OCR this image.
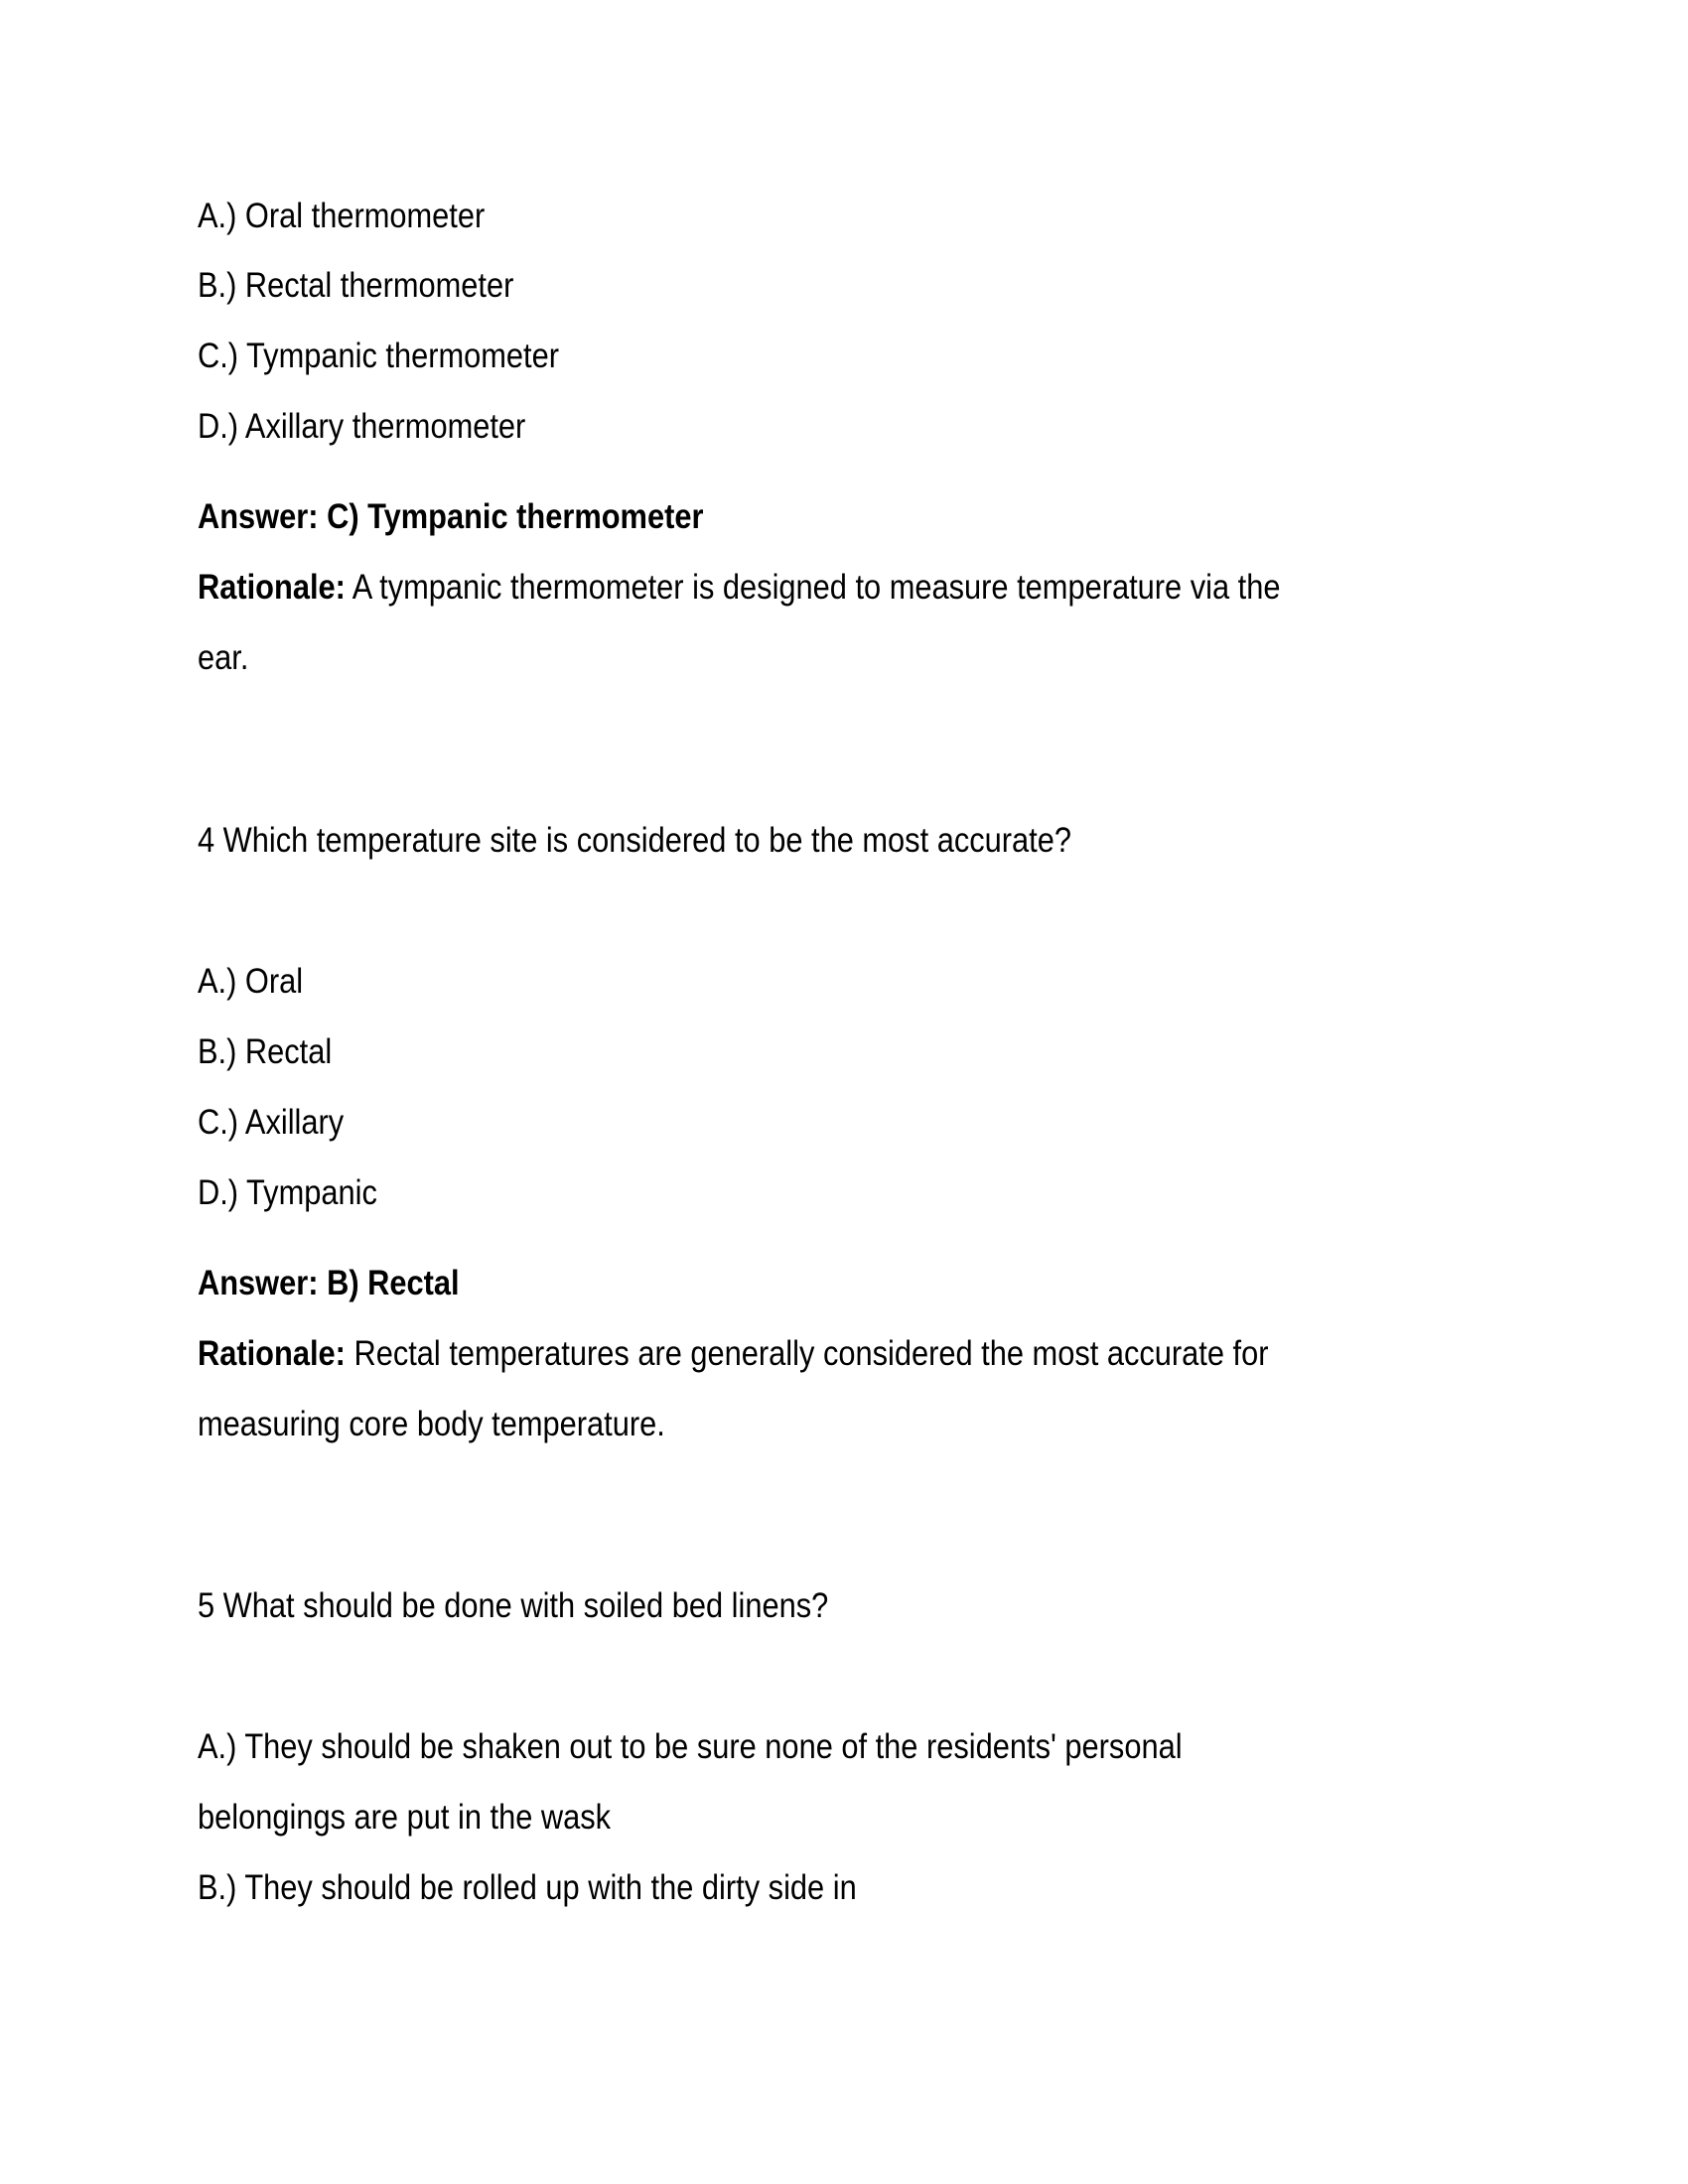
A.) Oral thermometer
B.) Rectal thermometer
C.) Tympanic thermometer
D.) Axillary thermometer
Answer: C) Tympanic thermometer
Rationale: A tympanic thermometer is designed to measure temperature via the
ear.
4 Which temperature site is considered to be the most accurate?
A.) Oral
B.) Rectal
C.) Axillary
D.) Tympanic
Answer: B) Rectal
Rationale: Rectal temperatures are generally considered the most accurate for
measuring core body temperature.
5 What should be done with soiled bed linens?
A.) They should be shaken out to be sure none of the residents' personal
belongings are put in the wask
B.) They should be rolled up with the dirty side in
